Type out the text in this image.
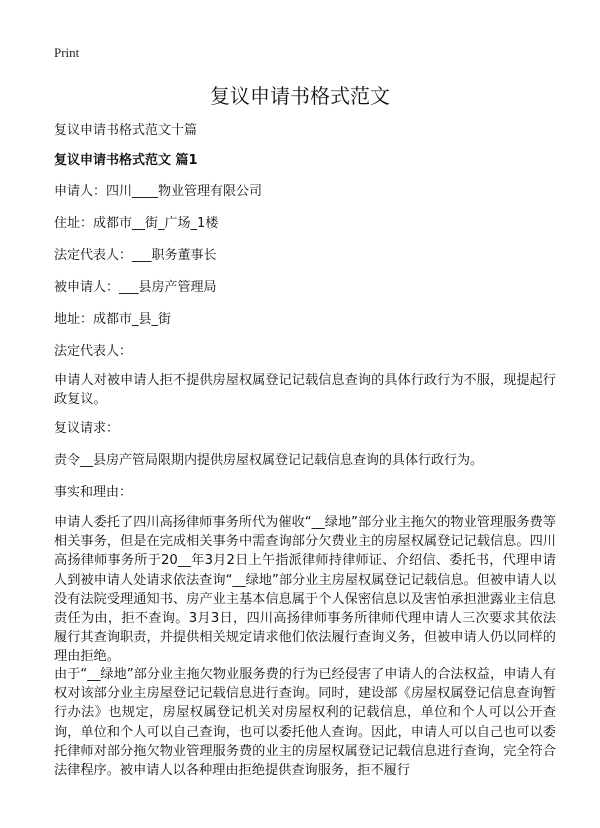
Print
复议申请书格式范文
复议申请书格式范文十篇
复议申请书格式范文 篇1
申请人：四川____物业管理有限公司
住址：成都市__街_广场_1楼
法定代表人：___职务董事长
被申请人：___县房产管理局
地址：成都市_县_街
法定代表人：
申请人对被申请人拒不提供房屋权属登记记载信息查询的具体行政行为不服，现提起行政复议。
复议请求：
责令__县房产管局限期内提供房屋权属登记记载信息查询的具体行政行为。
事实和理由：
申请人委托了四川高扬律师事务所代为催收“__绿地”部分业主拖欠的物业管理服务费等相关事务，但是在完成相关事务中需查询部分欠费业主的房屋权属登记记载信息。四川高扬律师事务所于20__年3月2日上午指派律师持律师证、介绍信、委托书，代理申请人到被申请人处请求依法查询“__绿地”部分业主房屋权属登记记载信息。但被申请人以没有法院受理通知书、房产业主基本信息属于个人保密信息以及害怕承担泄露业主信息责任为由，拒不查询。3月3日，四川高扬律师事务所律师代理申请人三次要求其依法履行其查询职责，并提供相关规定请求他们依法履行查询义务，但被申请人仍以同样的理由拒绝。
由于“__绿地”部分业主拖欠物业服务费的行为已经侵害了申请人的合法权益，申请人有权对该部分业主房屋登记记载信息进行查询。同时，建设部《房屋权属登记信息查询暂行办法》也规定，房屋权属登记机关对房屋权利的记载信息，单位和个人可以公开查询，单位和个人可以自己查询，也可以委托他人查询。因此，申请人可以自己也可以委托律师对部分拖欠物业管理服务费的业主的房屋权属登记记载信息进行查询，完全符合法律程序。被申请人以各种理由拒绝提供查询服务，拒不履行
